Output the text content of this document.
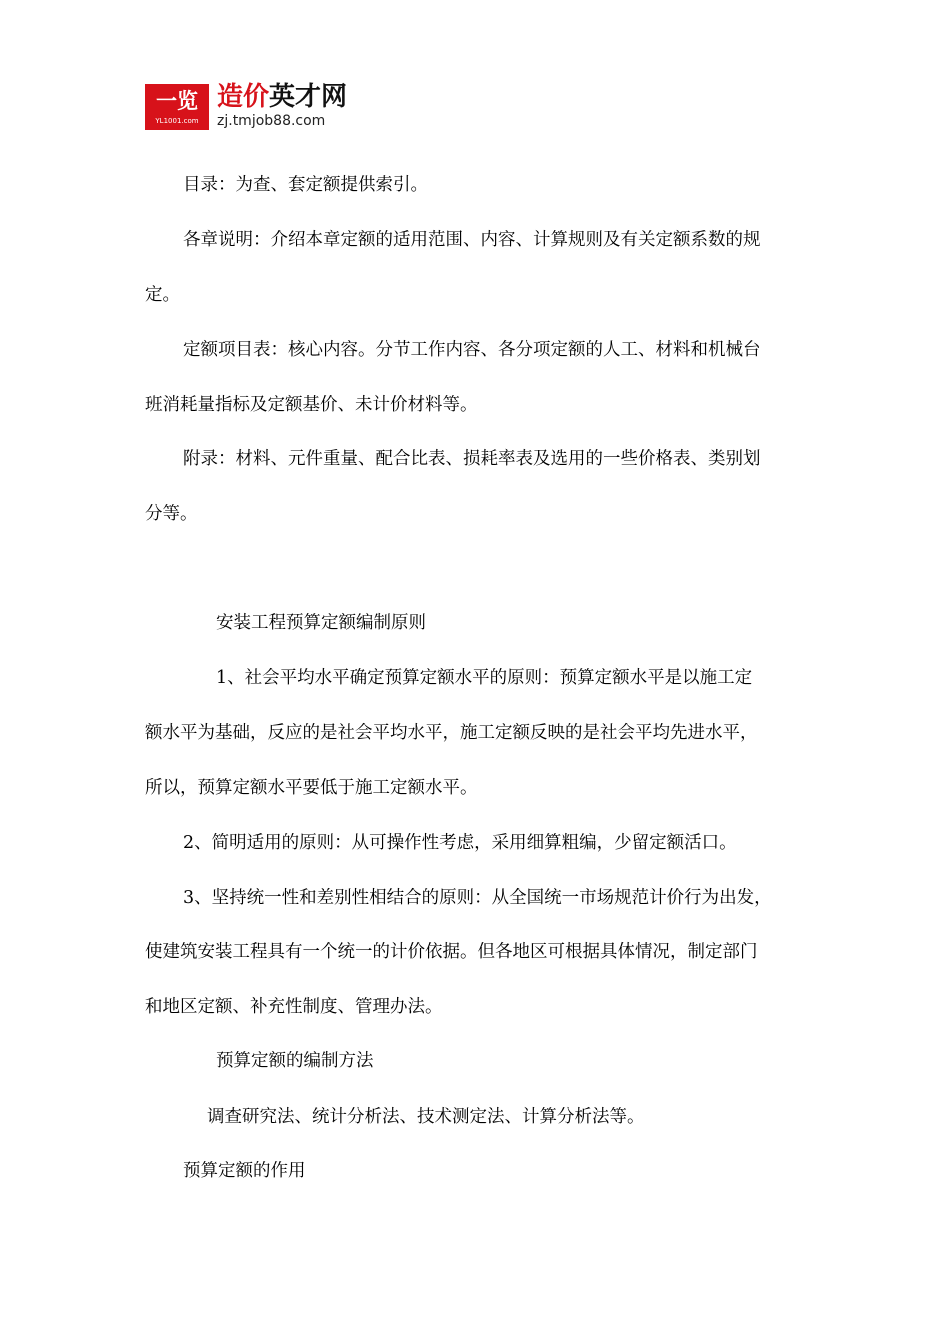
一览
YL1001.com
造价英才网
zj.tmjob88.com

目录：为查、套定额提供索引。

各章说明：介绍本章定额的适用范围、内容、计算规则及有关定额系数的规

定。

定额项目表：核心内容。分节工作内容、各分项定额的人工、材料和机械台

班消耗量指标及定额基价、未计价材料等。

附录：材料、元件重量、配合比表、损耗率表及选用的一些价格表、类别划

分等。

安装工程预算定额编制原则

1、社会平均水平确定预算定额水平的原则：预算定额水平是以施工定

额水平为基础，反应的是社会平均水平，施工定额反映的是社会平均先进水平，

所以，预算定额水平要低于施工定额水平。

2、简明适用的原则：从可操作性考虑，采用细算粗编，少留定额活口。

3、坚持统一性和差别性相结合的原则：从全国统一市场规范计价行为出发，

使建筑安装工程具有一个统一的计价依据。但各地区可根据具体情况，制定部门

和地区定额、补充性制度、管理办法。

预算定额的编制方法

调查研究法、统计分析法、技术测定法、计算分析法等。

预算定额的作用
